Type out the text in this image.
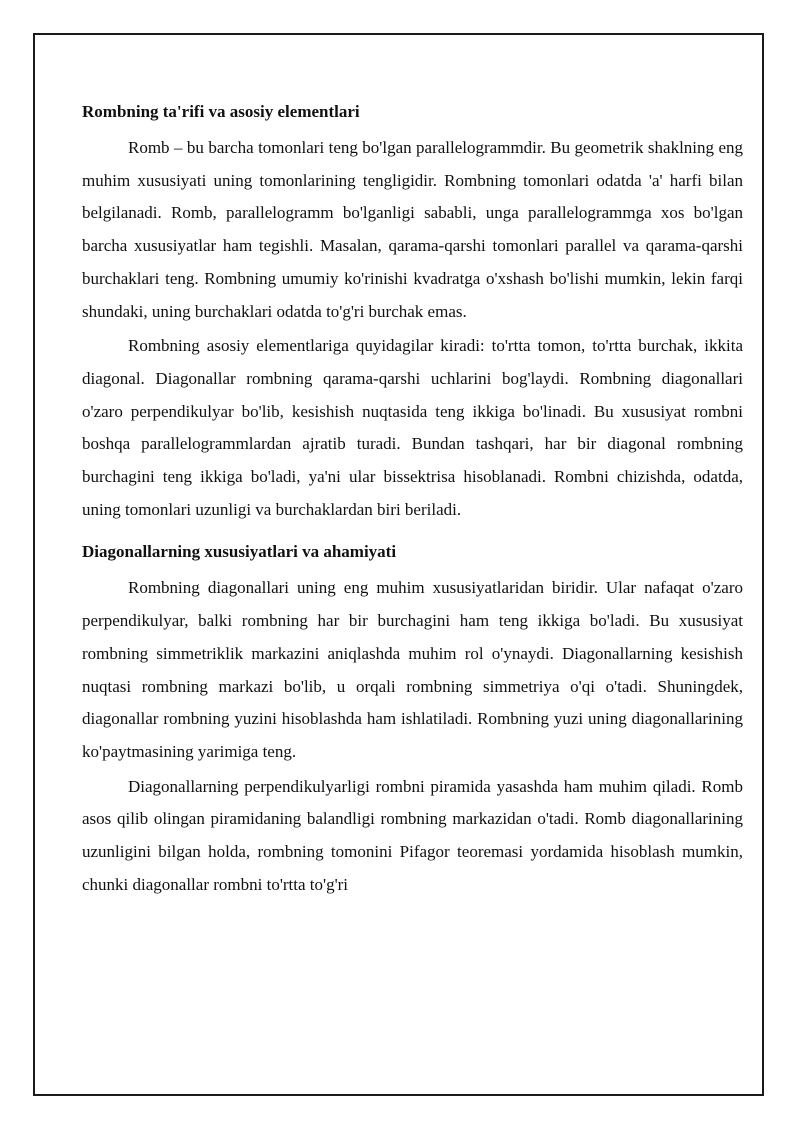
Rombning ta'rifi va asosiy elementlari

Romb – bu barcha tomonlari teng bo'lgan parallelogrammdir. Bu geometrik shaklning eng muhim xususiyati uning tomonlarining tengligidir. Rombning tomonlari odatda 'a' harfi bilan belgilanadi. Romb, parallelogramm bo'lganligi sababli, unga parallelogrammga xos bo'lgan barcha xususiyatlar ham tegishli. Masalan, qarama-qarshi tomonlari parallel va qarama-qarshi burchaklari teng. Rombning umumiy ko'rinishi kvadratga o'xshash bo'lishi mumkin, lekin farqi shundaki, uning burchaklari odatda to'g'ri burchak emas.

Rombning asosiy elementlariga quyidagilar kiradi: to'rtta tomon, to'rtta burchak, ikkita diagonal. Diagonallar rombning qarama-qarshi uchlarini bog'laydi. Rombning diagonallari o'zaro perpendikulyar bo'lib, kesishish nuqtasida teng ikkiga bo'linadi. Bu xususiyat rombni boshqa parallelogrammlardan ajratib turadi. Bundan tashqari, har bir diagonal rombning burchagini teng ikkiga bo'ladi, ya'ni ular bissektrisa hisoblanadi. Rombni chizishda, odatda, uning tomonlari uzunligi va burchaklardan biri beriladi.

Diagonallarning xususiyatlari va ahamiyati

Rombning diagonallari uning eng muhim xususiyatlaridan biridir. Ular nafaqat o'zaro perpendikulyar, balki rombning har bir burchagini ham teng ikkiga bo'ladi. Bu xususiyat rombning simmetriklik markazini aniqlashda muhim rol o'ynaydi. Diagonallarning kesishish nuqtasi rombning markazi bo'lib, u orqali rombning simmetriya o'qi o'tadi. Shuningdek, diagonallar rombning yuzini hisoblashda ham ishlatiladi. Rombning yuzi uning diagonallarining ko'paytmasining yarimiga teng.

Diagonallarning perpendikulyarligi rombni piramida yasashda ham muhim qiladi. Romb asos qilib olingan piramidaning balandligi rombning markazidan o'tadi. Romb diagonallarining uzunligini bilgan holda, rombning tomonini Pifagor teoremasi yordamida hisoblash mumkin, chunki diagonallar rombni to'rtta to'g'ri
